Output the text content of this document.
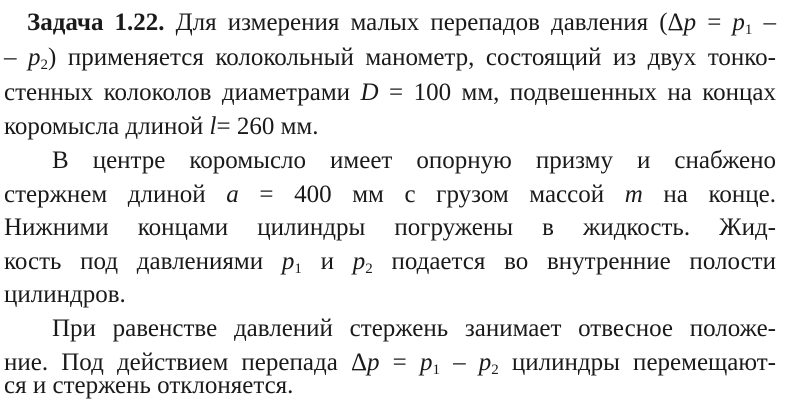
Задача 1.22. Для измерения малых перепадов давления ($\Delta p = p_1$ –
– $p_2$) применяется колокольный манометр, состоящий из двух тонко-
стенных колоколов диаметрами D = 100 мм, подвешенных на концах
коромысла длиной l= 260 мм.
В центре коромысло имеет опорную призму и снабжено
стержнем длиной a = 400 мм с грузом массой m на конце.
Нижними концами цилиндры погружены в жидкость. Жид-
кость под давлениями $p_1$ и $p_2$ подается во внутренние полости
цилиндров.
При равенстве давлений стержень занимает отвесное положе-
ние. Под действием перепада $\Delta p = p_1 - p_2$ цилиндры перемещают-
ся и стержень отклоняется.
